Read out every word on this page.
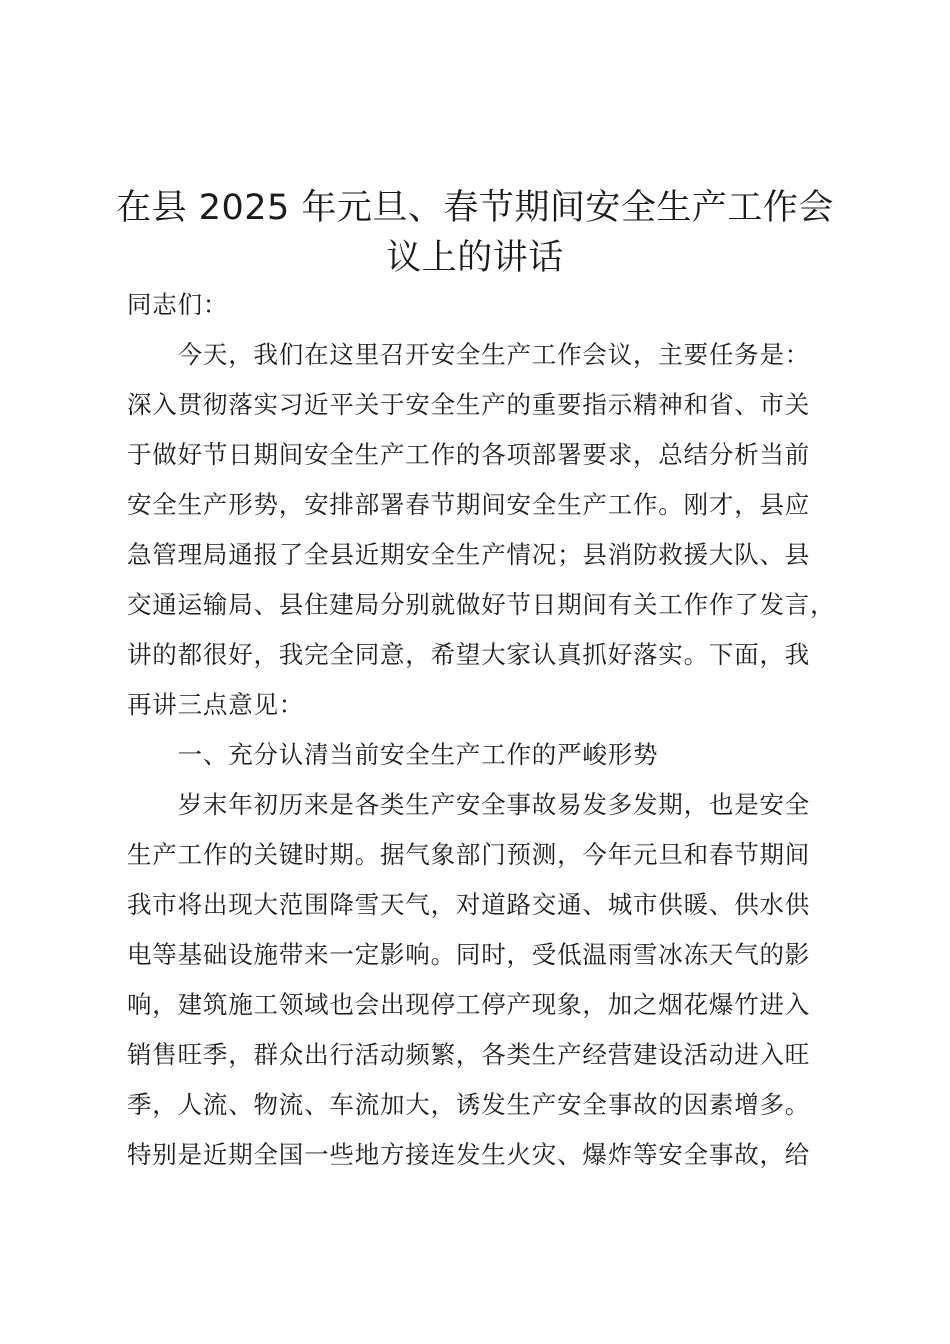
在县 2025 年元旦、春节期间安全生产工作会
议上的讲话
同志们：
　　今天，我们在这里召开安全生产工作会议，主要任务是：
深入贯彻落实习近平关于安全生产的重要指示精神和省、市关
于做好节日期间安全生产工作的各项部署要求，总结分析当前
安全生产形势，安排部署春节期间安全生产工作。刚才，县应
急管理局通报了全县近期安全生产情况；县消防救援大队、县
交通运输局、县住建局分别就做好节日期间有关工作作了发言，
讲的都很好，我完全同意，希望大家认真抓好落实。下面，我
再讲三点意见：
　　一、充分认清当前安全生产工作的严峻形势
　　岁末年初历来是各类生产安全事故易发多发期，也是安全
生产工作的关键时期。据气象部门预测，今年元旦和春节期间
我市将出现大范围降雪天气，对道路交通、城市供暖、供水供
电等基础设施带来一定影响。同时，受低温雨雪冰冻天气的影
响，建筑施工领域也会出现停工停产现象，加之烟花爆竹进入
销售旺季，群众出行活动频繁，各类生产经营建设活动进入旺
季，人流、物流、车流加大，诱发生产安全事故的因素增多。
特别是近期全国一些地方接连发生火灾、爆炸等安全事故，给
